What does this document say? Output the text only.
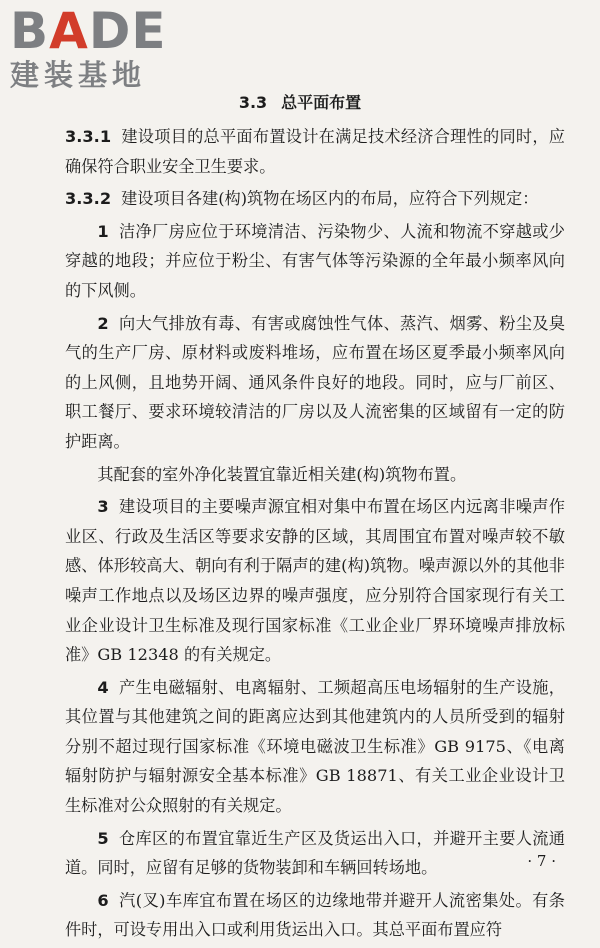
BADE
建装基地
3.3 总平面布置

3.3.1 建设项目的总平面布置设计在满足技术经济合理性的同时，应确保符合职业安全卫生要求。

3.3.2 建设项目各建(构)筑物在场区内的布局，应符合下列规定：

1 洁净厂房应位于环境清洁、污染物少、人流和物流不穿越或少穿越的地段；并应位于粉尘、有害气体等污染源的全年最小频率风向的下风侧。

2 向大气排放有毒、有害或腐蚀性气体、蒸汽、烟雾、粉尘及臭气的生产厂房、原材料或废料堆场，应布置在场区夏季最小频率风向的上风侧，且地势开阔、通风条件良好的地段。同时，应与厂前区、职工餐厅、要求环境较清洁的厂房以及人流密集的区域留有一定的防护距离。

其配套的室外净化装置宜靠近相关建(构)筑物布置。

3 建设项目的主要噪声源宜相对集中布置在场区内远离非噪声作业区、行政及生活区等要求安静的区域，其周围宜布置对噪声较不敏感、体形较高大、朝向有利于隔声的建(构)筑物。噪声源以外的其他非噪声工作地点以及场区边界的噪声强度，应分别符合国家现行有关工业企业设计卫生标准及现行国家标准《工业企业厂界环境噪声排放标准》GB 12348 的有关规定。

4 产生电磁辐射、电离辐射、工频超高压电场辐射的生产设施，其位置与其他建筑之间的距离应达到其他建筑内的人员所受到的辐射分别不超过现行国家标准《环境电磁波卫生标准》GB 9175、《电离辐射防护与辐射源安全基本标准》GB 18871、有关工业企业设计卫生标准对公众照射的有关规定。

5 仓库区的布置宜靠近生产区及货运出入口，并避开主要人流通道。同时，应留有足够的货物装卸和车辆回转场地。

6 汽(叉)车库宜布置在场区的边缘地带并避开人流密集处。有条件时，可设专用出入口或利用货运出入口。其总平面布置应符

· 7 ·
